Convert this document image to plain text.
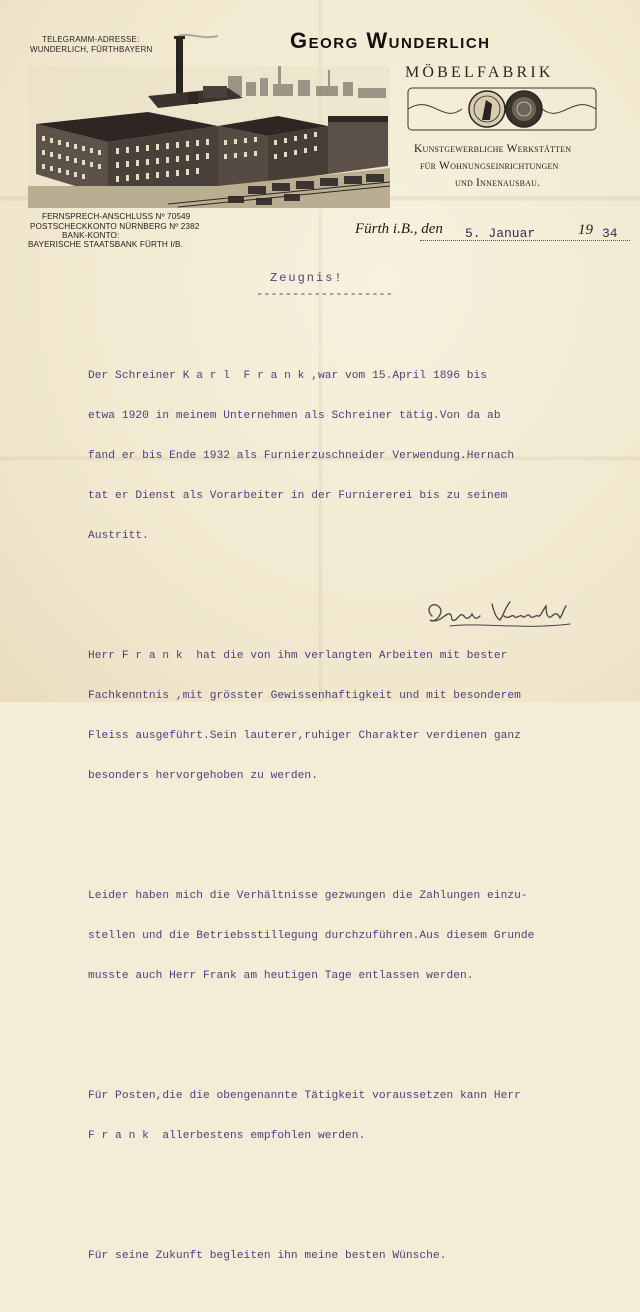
TELEGRAMM-ADRESSE:
WUNDERLICH, FÜRTHBAYERN
FERNSPRECH-ANSCHLUSS Nº 70549
POSTSCHECKKONTO NÜRNBERG Nº 2382
BANK-KONTO:
BAYERISCHE STAATSBANK FÜRTH I/B.
Georg Wunderlich
MÖBELFABRIK
Kunstgewerbliche Werkstätten
für Wohnungseinrichtungen
und Innenausbau.
Fürth i.B., den 5. Januar	19 34
Zeugnis!
-------------------

Der Schreiner K a r l  F r a n k ,war vom 15.April 1896 bis

etwa 1920 in meinem Unternehmen als Schreiner tätig.Von da ab

fand er bis Ende 1932 als Furnierzuschneider Verwendung.Hernach

tat er Dienst als Vorarbeiter in der Furniererei bis zu seinem

Austritt.

Herr F r a n k  hat die von ihm verlangten Arbeiten mit bester

Fachkenntnis ,mit grösster Gewissenhaftigkeit und mit besonderem

Fleiss ausgeführt.Sein lauterer,ruhiger Charakter verdienen ganz

besonders hervorgehoben zu werden.

Leider haben mich die Verhältnisse gezwungen die Zahlungen einzu-

stellen und die Betriebsstillegung durchzuführen.Aus diesem Grunde

musste auch Herr Frank am heutigen Tage entlassen werden.

Für Posten,die die obengenannte Tätigkeit voraussetzen kann Herr

F r a n k  allerbestens empfohlen werden.

Für seine Zukunft begleiten ihn meine besten Wünsche.
